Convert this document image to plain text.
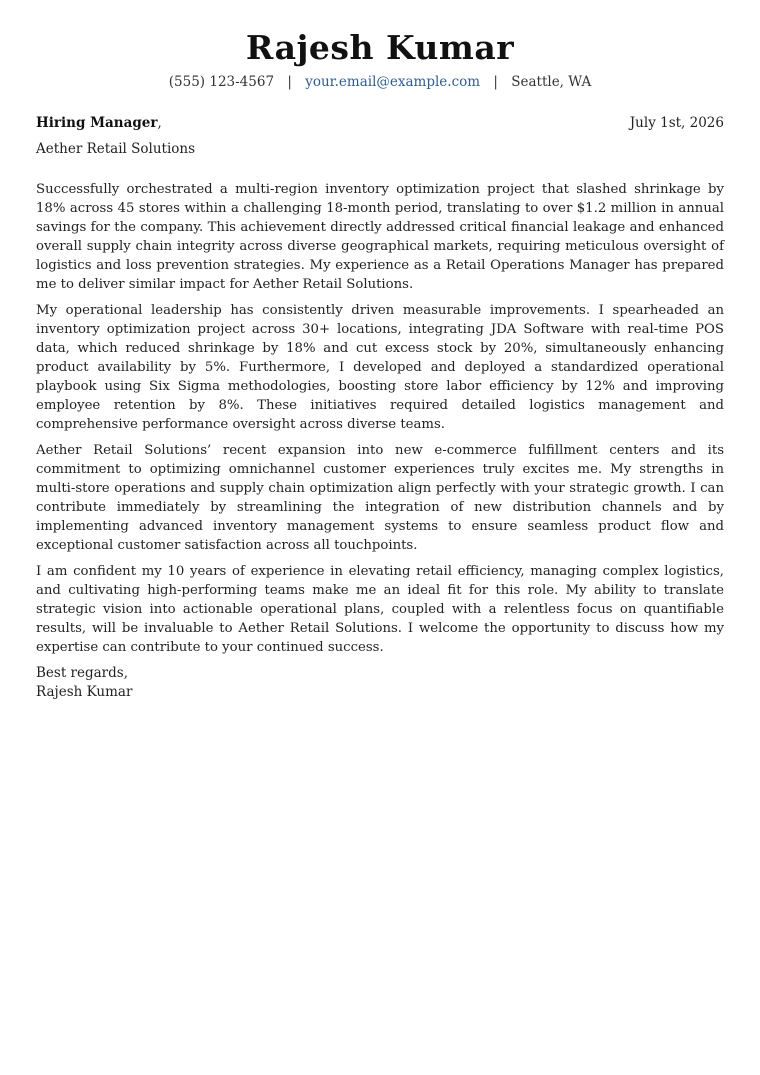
Rajesh Kumar
(555) 123-4567 | your.email@example.com | Seattle, WA
Hiring Manager,	July 1st, 2026
Aether Retail Solutions

Successfully orchestrated a multi-region inventory optimization project that slashed shrinkage by 18% across 45 stores within a challenging 18-month period, translating to over $1.2 million in annual savings for the company. This achievement directly addressed critical financial leakage and enhanced overall supply chain integrity across diverse geographical markets, requiring meticulous oversight of logistics and loss prevention strategies. My experience as a Retail Operations Manager has prepared me to deliver similar impact for Aether Retail Solutions.

My operational leadership has consistently driven measurable improvements. I spearheaded an inventory optimization project across 30+ locations, integrating JDA Software with real-time POS data, which reduced shrinkage by 18% and cut excess stock by 20%, simultaneously enhancing product availability by 5%. Furthermore, I developed and deployed a standardized operational playbook using Six Sigma methodologies, boosting store labor efficiency by 12% and improving employee retention by 8%. These initiatives required detailed logistics management and comprehensive performance oversight across diverse teams.

Aether Retail Solutions’ recent expansion into new e-commerce fulfillment centers and its commitment to optimizing omnichannel customer experiences truly excites me. My strengths in multi-store operations and supply chain optimization align perfectly with your strategic growth. I can contribute immediately by streamlining the integration of new distribution channels and by implementing advanced inventory management systems to ensure seamless product flow and exceptional customer satisfaction across all touchpoints.

I am confident my 10 years of experience in elevating retail efficiency, managing complex logistics, and cultivating high-performing teams make me an ideal fit for this role. My ability to translate strategic vision into actionable operational plans, coupled with a relentless focus on quantifiable results, will be invaluable to Aether Retail Solutions. I welcome the opportunity to discuss how my expertise can contribute to your continued success.

Best regards,
Rajesh Kumar
